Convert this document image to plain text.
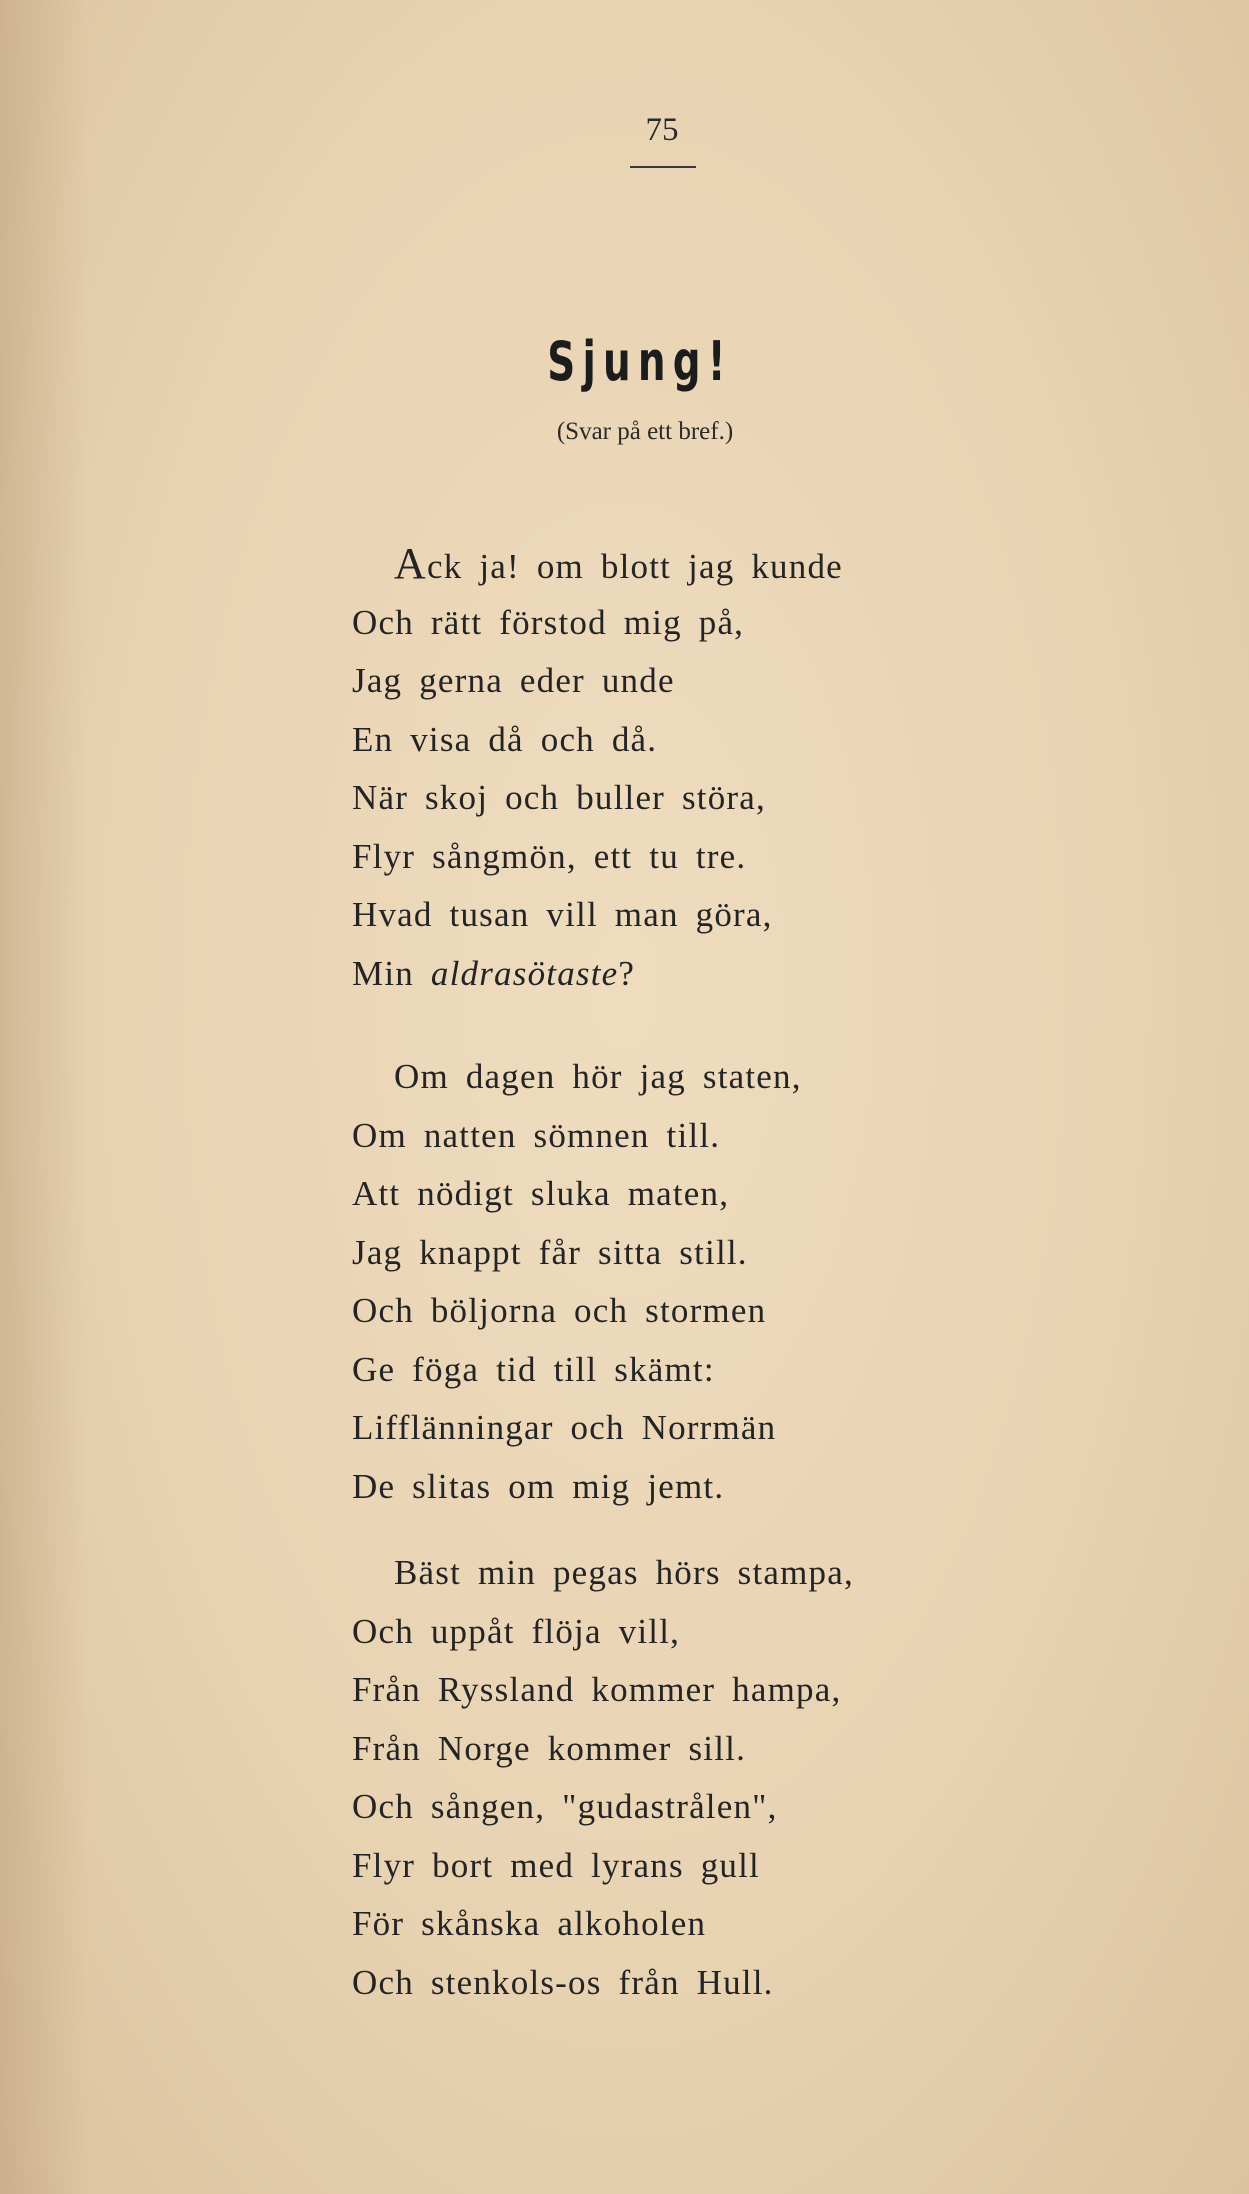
75
Sjung!
(Svar på ett bref.)
Ack ja! om blott jag kunde
Och rätt förstod mig på,
Jag gerna eder unde
En visa då och då.
När skoj och buller störa,
Flyr sångmön, ett tu tre.
Hvad tusan vill man göra,
Min aldrasötaste?
Om dagen hör jag staten,
Om natten sömnen till.
Att nödigt sluka maten,
Jag knappt får sitta still.
Och böljorna och stormen
Ge föga tid till skämt:
Lifflänningar och Norrmän
De slitas om mig jemt.
Bäst min pegas hörs stampa,
Och uppåt flöja vill,
Från Ryssland kommer hampa,
Från Norge kommer sill.
Och sången, "gudastrålen",
Flyr bort med lyrans gull
För skånska alkoholen
Och stenkols-os från Hull.
